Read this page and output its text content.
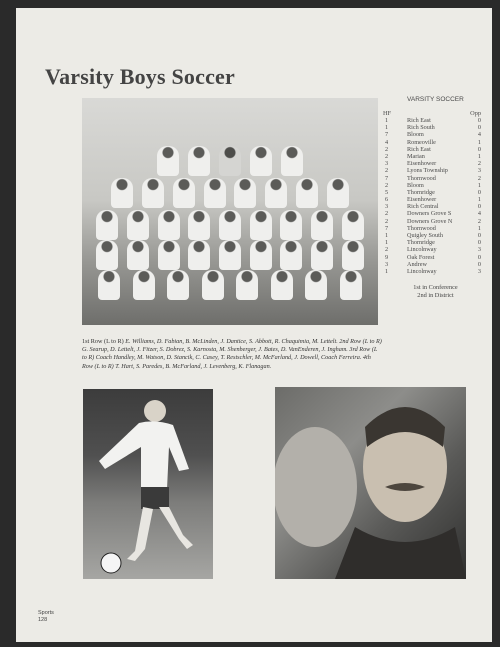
Varsity Boys Soccer
1st Row (L to R) E. Williams, D. Fabian, B. McLinden, J. Dantice, S. Abbott, R. Chaquimia, M. Lettelt. 2nd Row (L to R) G. Searup, D. Lettelt, J. Fitzer, S. Dobrez, S. Karnosta, M. Shenberger, J. Bates, D. VanEnderen, J. Ingham. 3rd Row (L to R) Coach Handley, M. Watson, D. Stancik, C. Casey, T. Restschler, M. McFarland, J. Dowell, Coach Ferreira. 4th Row (L to R) T. Hart, S. Paredes, B. McFarland, J. Levenberg, K. Flanagan.
VARSITY SOCCER
HF	Opp
1	Rich East	0
1	Rich South	0
7	Bloom	4
4	Romeoville	1
2	Rich East	0
2	Marian	1
3	Eisenhower	2
2	Lyons Township	3
7	Thornwood	2
2	Bloom	1
5	Thornridge	0
6	Eisenhower	1
3	Rich Central	0
2	Downers Grove S	4
2	Downers Grove N	2
7	Thornwood	1
1	Quigley South	0
1	Thornridge	0
2	Lincolnway	3
9	Oak Forest	0
3	Andrew	0
1	Lincolnway	3
1st in Conference
2nd in District
Sports
128
